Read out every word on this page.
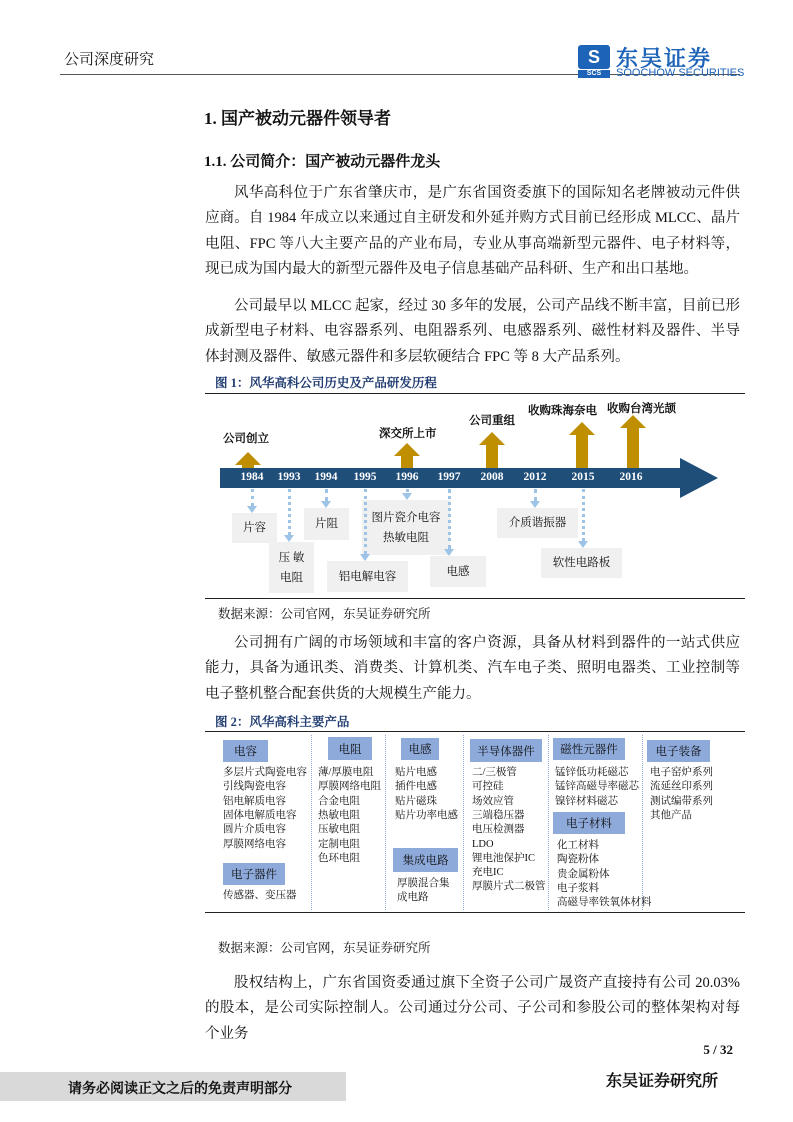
公司深度研究	S
SCS
东吴证券
SOOCHOW SECURITIES
1. 国产被动元器件领导者
1.1. 公司简介：国产被动元器件龙头

风华高科位于广东省肇庆市，是广东省国资委旗下的国际知名老牌被动元件供应商。自 1984 年成立以来通过自主研发和外延并购方式目前已经形成 MLCC、晶片电阻、FPC 等八大主要产品的产业布局，专业从事高端新型元器件、电子材料等，现已成为国内最大的新型元器件及电子信息基础产品科研、生产和出口基地。

公司最早以 MLCC 起家，经过 30 多年的发展，公司产品线不断丰富，目前已形成新型电子材料、电容器系列、电阻器系列、电感器系列、磁性材料及器件、半导体封测及器件、敏感元器件和多层软硬结合 FPC 等 8 大产品系列。

图 1：风华高科公司历史及产品研发历程
1984 1993 1994 1995 1996 1997 2008 2012 2015 2016
公司创立	深交所上市
公司重组
收购珠海奈电 收购台湾光颉
片容
压 敏
电阻
片阻
图片瓷介电容
热敏电阻
铝电解电容	电感
介质谐振器
软性电路板
数据来源：公司官网，东吴证券研究所

公司拥有广阔的市场领域和丰富的客户资源，具备从材料到器件的一站式供应能力，具备为通讯类、消费类、计算机类、汽车电子类、照明电器类、工业控制等电子整机整合配套供货的大规模生产能力。

图 2：风华高科主要产品
电容
多层片式陶瓷电容
引线陶瓷电容
铝电解质电容
固体电解质电容
圆片介质电容
厚膜网络电容
电子器件
传感器、变压器
电阻
薄/厚膜电阻
厚膜网络电阻
合金电阻
热敏电阻
压敏电阻
定制电阻
色环电阻
电感
贴片电感
插件电感
贴片磁珠
贴片功率电感
集成电路
厚膜混合集
成电路
半导体器件
二/三极管
可控硅
场效应管
三端稳压器
电压检测器
LDO
锂电池保护IC
充电IC
厚膜片式二极管
磁性元器件
锰锌低功耗磁芯
锰锌高磁导率磁芯
镍锌材料磁芯
电子材料
化工材料
陶瓷粉体
贵金属粉体
电子浆料
高磁导率铁氧体材料
电子装备
电子窑炉系列
流延丝印系列
测试编带系列
其他产品
数据来源：公司官网，东吴证券研究所

股权结构上，广东省国资委通过旗下全资子公司广晟资产直接持有公司 20.03%的股本，是公司实际控制人。公司通过分公司、子公司和参股公司的整体架构对每个业务

5 / 32
请务必阅读正文之后的免责声明部分	东吴证券研究所
